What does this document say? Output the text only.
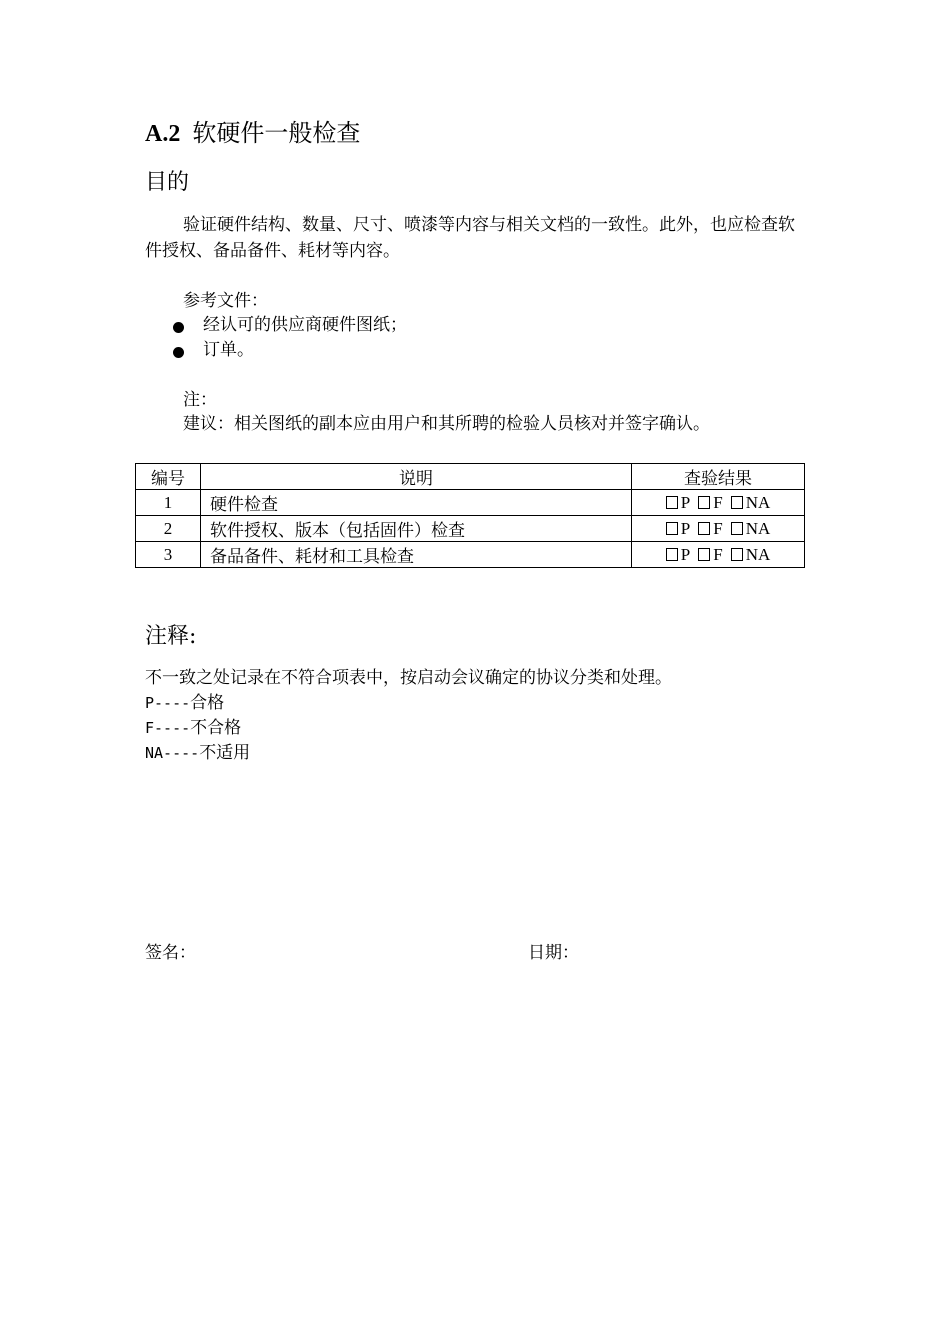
A.2 软硬件一般检查
目的
验证硬件结构、数量、尺寸、喷漆等内容与相关文档的一致性。此外，也应检查软件授权、备品备件、耗材等内容。
参考文件：
经认可的供应商硬件图纸；
订单。
注：
建议：相关图纸的副本应由用户和其所聘的检验人员核对并签字确认。
编号	说明	查验结果
1	硬件检查	P F NA
2	软件授权、版本（包括固件）检查	P F NA
3	备品备件、耗材和工具检查	P F NA
注释:
不一致之处记录在不符合项表中，按启动会议确定的协议分类和处理。
P----合格
F----不合格
NA----不适用
签名：	日期：
